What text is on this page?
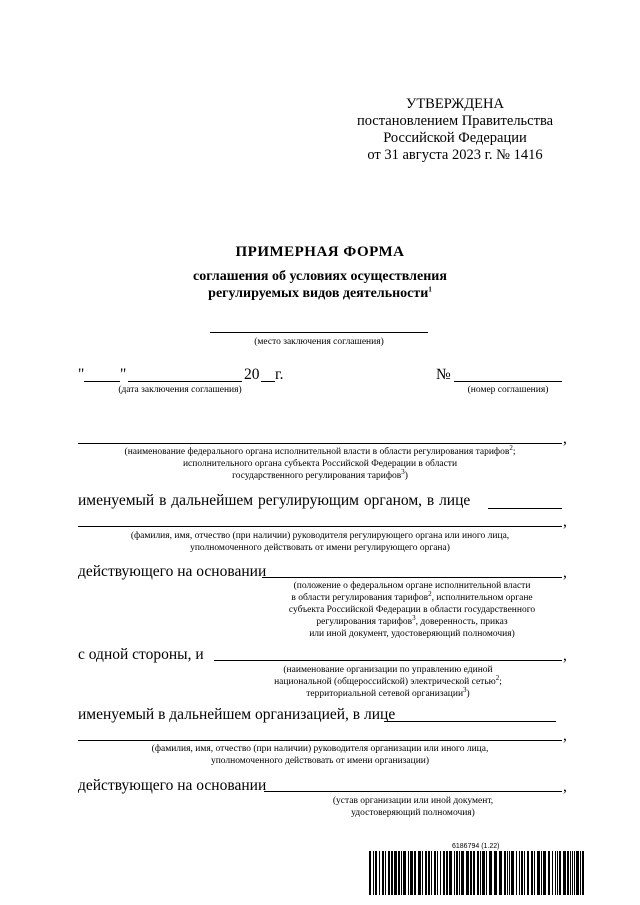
УТВЕРЖДЕНА
постановлением Правительства
Российской Федерации
от 31 августа 2023 г. № 1416
ПРИМЕРНАЯ ФОРМА
соглашения об условиях осуществления
регулируемых видов деятельности$^1$
(место заключения соглашения)
" "	20 г.
(дата заключения соглашения)
№
(номер соглашения)
,
(наименование федерального органа исполнительной власти в области регулирования тарифов$^2$;
исполнительного органа субъекта Российской Федерации в области
государственного регулирования тарифов$^3$)
именуемый в дальнейшем регулирующим органом, в лице
,
(фамилия, имя, отчество (при наличии) руководителя регулирующего органа или иного лица,
уполномоченного действовать от имени регулирующего органа)
действующего на основании	,
(положение о федеральном органе исполнительной власти
в области регулирования тарифов$^2$, исполнительном органе
субъекта Российской Федерации в области государственного
регулирования тарифов$^3$, доверенность, приказ
или иной документ, удостоверяющий полномочия)
с одной стороны, и	,
(наименование организации по управлению единой
национальной (общероссийской) электрической сетью$^2$;
территориальной сетевой организации$^3$)
именуемый в дальнейшем организацией, в лице
,
(фамилия, имя, отчество (при наличии) руководителя организации или иного лица,
уполномоченного действовать от имени организации)
действующего на основании	,
(устав организации или иной документ,
удостоверяющий полномочия)
6186794 (1.22)
